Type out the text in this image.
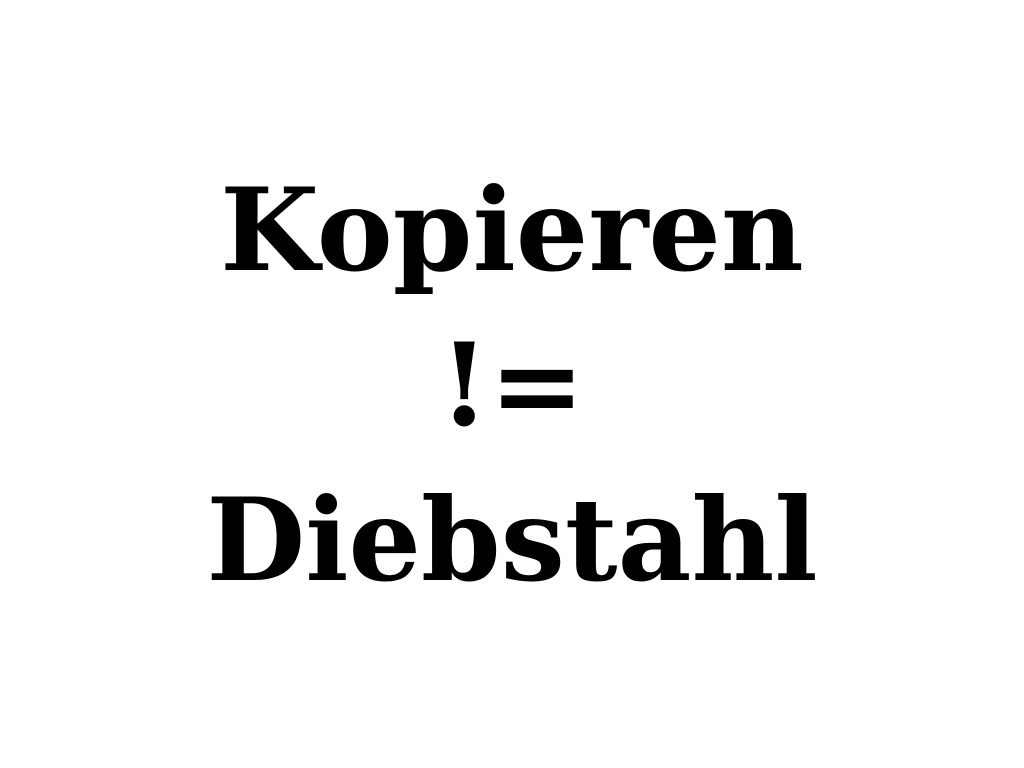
Kopieren
!=
Diebstahl
